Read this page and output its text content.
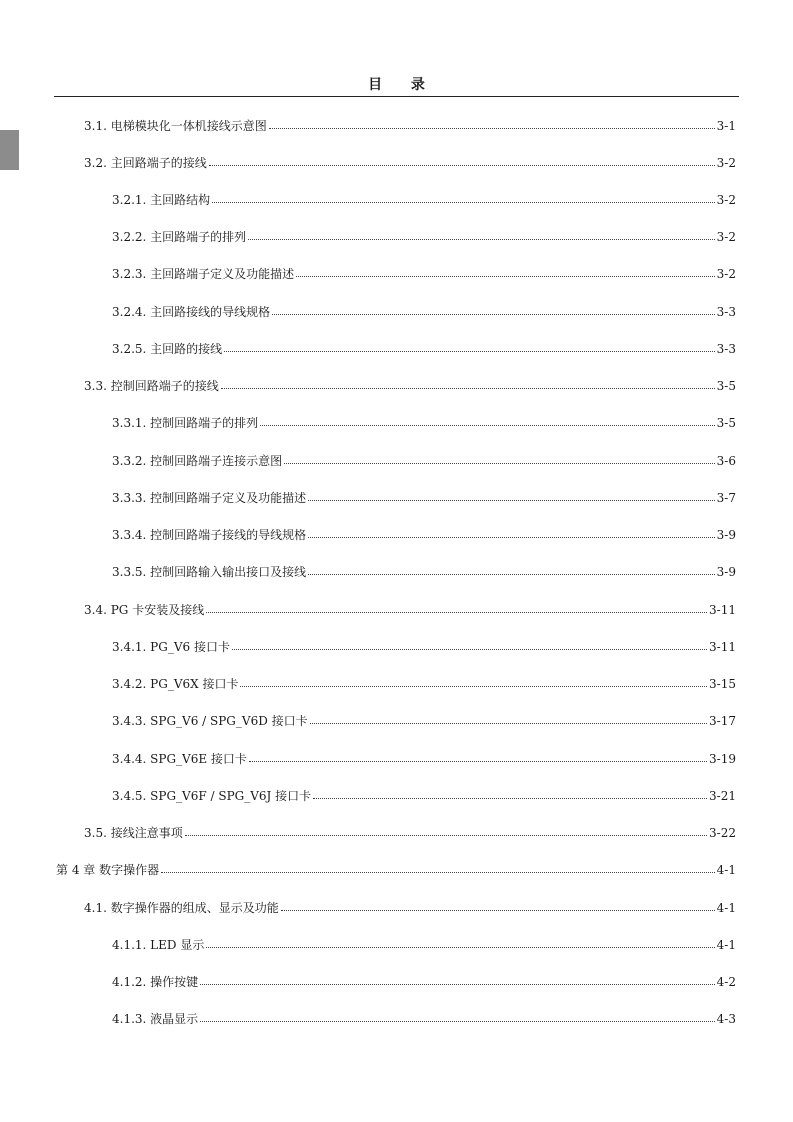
目 录
3.1. 电梯模块化一体机接线示意图	3-1
3.2. 主回路端子的接线	3-2
3.2.1. 主回路结构	3-2
3.2.2. 主回路端子的排列	3-2
3.2.3. 主回路端子定义及功能描述	3-2
3.2.4. 主回路接线的导线规格	3-3
3.2.5. 主回路的接线	3-3
3.3. 控制回路端子的接线	3-5
3.3.1. 控制回路端子的排列	3-5
3.3.2. 控制回路端子连接示意图	3-6
3.3.3. 控制回路端子定义及功能描述	3-7
3.3.4. 控制回路端子接线的导线规格	3-9
3.3.5. 控制回路输入输出接口及接线	3-9
3.4. PG 卡安装及接线	3-11
3.4.1. PG_V6 接口卡	3-11
3.4.2. PG_V6X 接口卡	3-15
3.4.3. SPG_V6 / SPG_V6D 接口卡	3-17
3.4.4. SPG_V6E 接口卡	3-19
3.4.5. SPG_V6F / SPG_V6J 接口卡	3-21
3.5. 接线注意事项	3-22
第 4 章 数字操作器	4-1
4.1. 数字操作器的组成、显示及功能	4-1
4.1.1. LED 显示	4-1
4.1.2. 操作按键	4-2
4.1.3. 液晶显示	4-3
